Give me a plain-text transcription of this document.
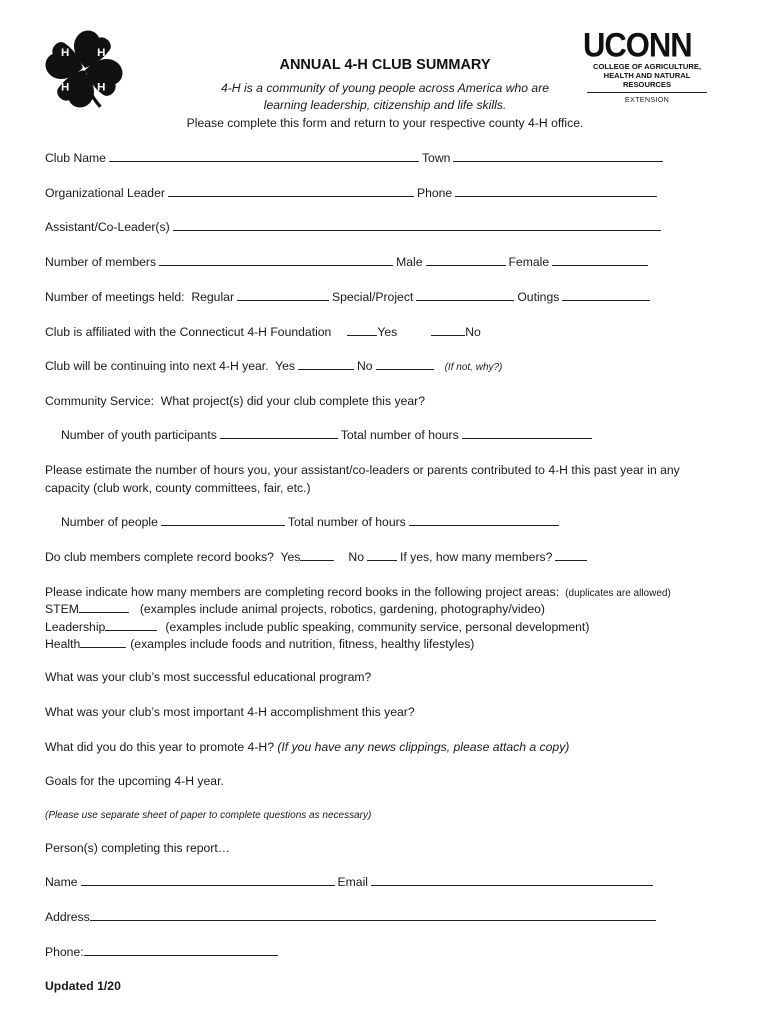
H H
H H
UCONN
COLLEGE OF AGRICULTURE,
HEALTH AND NATURAL
RESOURCES
EXTENSION
ANNUAL 4-H CLUB SUMMARY
4-H is a community of young people across America who are
learning leadership, citizenship and life skills.
Please complete this form and return to your respective county 4-H office.
Club Name	Town
Organizational Leader	Phone
Assistant/Co-Leader(s)
Number of members	Male	Female
Number of meetings held:  Regular	Special/Project	Outings
Club is affiliated with the Connecticut 4-H Foundation	Yes	No
Club will be continuing into next 4-H year.  Yes	No	(If not, why?)
Community Service:  What project(s) did your club complete this year?
Number of youth participants	Total number of hours
Please estimate the number of hours you, your assistant/co-leaders or parents contributed to 4-H this past year in any
capacity (club work, county committees, fair, etc.)
Number of people	Total number of hours
Do club members complete record books?  Yes	No	If yes, how many members?
Please indicate how many members are completing record books in the following project areas: (duplicates are allowed)
STEM	(examples include animal projects, robotics, gardening, photography/video)
Leadership	(examples include public speaking, community service, personal development)
Health	(examples include foods and nutrition, fitness, healthy lifestyles)
What was your club’s most successful educational program?
What was your club’s most important 4-H accomplishment this year?
What did you do this year to promote 4-H? (If you have any news clippings, please attach a copy)
Goals for the upcoming 4-H year.
(Please use separate sheet of paper to complete questions as necessary)
Person(s) completing this report…
Name	Email
Address
Phone:
Updated 1/20
